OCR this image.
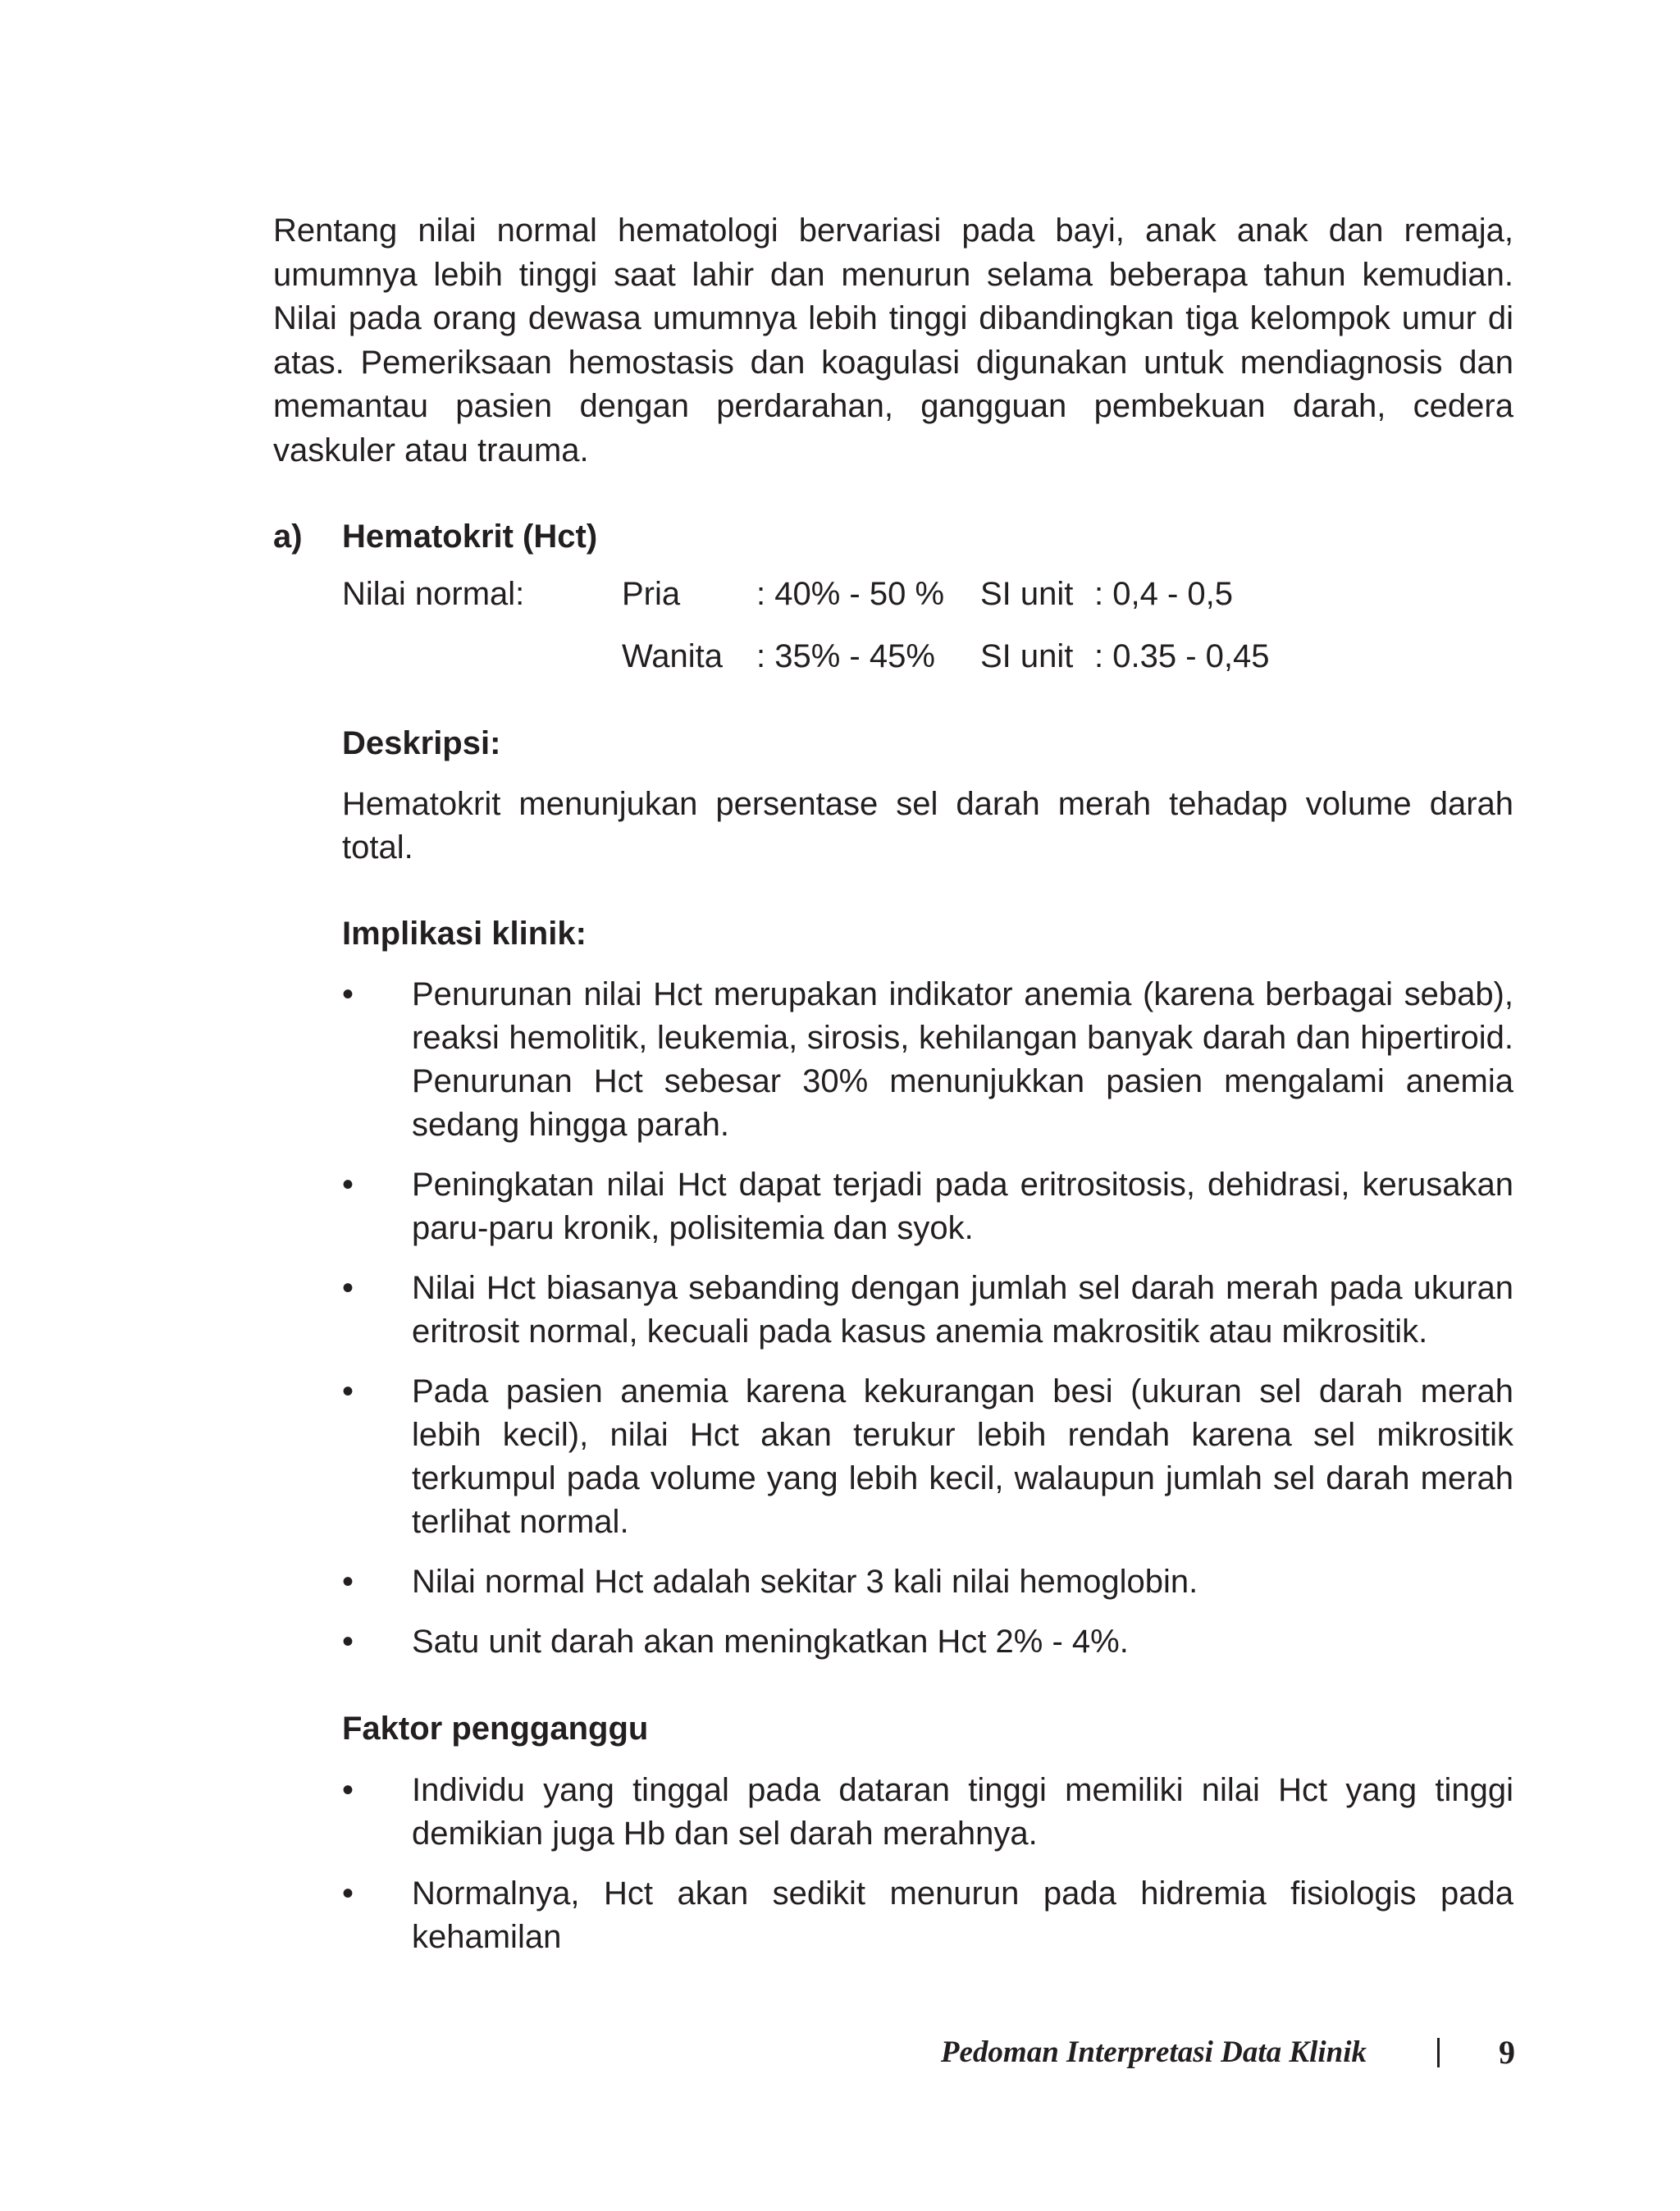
Rentang nilai normal hematologi bervariasi pada bayi, anak anak dan remaja, umumnya lebih tinggi saat lahir dan menurun selama beberapa tahun kemudian. Nilai pada orang dewasa umumnya lebih tinggi dibandingkan tiga kelompok umur di atas. Pemeriksaan hemostasis dan koagulasi digunakan untuk mendiagnosis dan memantau pasien dengan perdarahan, gangguan pembekuan darah, cedera vaskuler atau trauma.

a) Hematokrit (Hct)
Nilai normal:	Pria : 40% - 50 % SI unit : 0,4 - 0,5
Wanita : 35% - 45% SI unit : 0.35 - 0,45
Deskripsi:

Hematokrit menunjukan persentase sel darah merah tehadap volume darah total.

Implikasi klinik:
•	Penurunan nilai Hct merupakan indikator anemia (karena berbagai sebab), reaksi hemolitik, leukemia, sirosis, kehilangan banyak darah dan hipertiroid. Penurunan Hct sebesar 30% menunjukkan pasien mengalami anemia sedang hingga parah.
•	Peningkatan nilai Hct dapat terjadi pada eritrositosis, dehidrasi, kerusakan paru-paru kronik, polisitemia dan syok.
•	Nilai Hct biasanya sebanding dengan jumlah sel darah merah pada ukuran eritrosit normal, kecuali pada kasus anemia makrositik atau mikrositik.
•	Pada pasien anemia karena kekurangan besi (ukuran sel darah merah lebih kecil), nilai Hct akan terukur lebih rendah karena sel mikrositik terkumpul pada volume yang lebih kecil, walaupun jumlah sel darah merah terlihat normal.
•	Nilai normal Hct adalah sekitar 3 kali nilai hemoglobin.
•	Satu unit darah akan meningkatkan Hct 2% - 4%.
Faktor pengganggu
•	Individu yang tinggal pada dataran tinggi memiliki nilai Hct yang tinggi demikian juga Hb dan sel darah merahnya.
•	Normalnya, Hct akan sedikit menurun pada hidremia fisiologis pada kehamilan
Pedoman Interpretasi Data Klinik	9
